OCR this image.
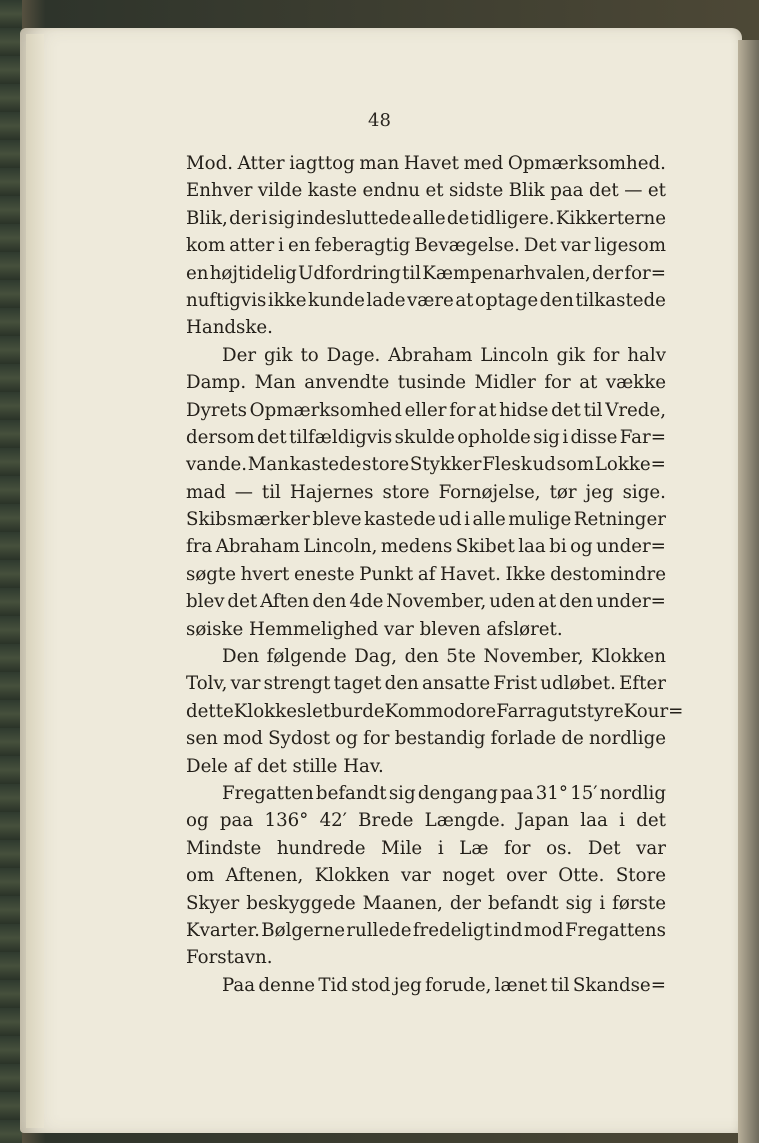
48
Mod. Atter iagttog man Havet med Opmærksomhed.
Enhver vilde kaste endnu et sidste Blik paa det — et
Blik, der i sig indesluttede alle de tidligere. Kikkerterne
kom atter i en feberagtig Bevægelse. Det var ligesom
en højtidelig Udfordring til Kæmpenarhvalen, der for=
nuftigvis ikke kunde lade være at optage den tilkastede
Handske.
Der gik to Dage. Abraham Lincoln gik for halv
Damp. Man anvendte tusinde Midler for at vække
Dyrets Opmærksomhed eller for at hidse det til Vrede,
dersom det tilfældigvis skulde opholde sig i disse Far=
vande. Man kastede store Stykker Flesk ud som Lokke=
mad — til Hajernes store Fornøjelse, tør jeg sige.
Skibsmærker bleve kastede ud i alle mulige Retninger
fra Abraham Lincoln, medens Skibet laa bi og under=
søgte hvert eneste Punkt af Havet. Ikke destomindre
blev det Aften den 4de November, uden at den under=
søiske Hemmelighed var bleven afsløret.
Den følgende Dag, den 5te November, Klokken
Tolv, var strengt taget den ansatte Frist udløbet. Efter
dette Klokkeslet burde Kommodore Farragut styre Kour=
sen mod Sydost og for bestandig forlade de nordlige
Dele af det stille Hav.
Fregatten befandt sig dengang paa 31° 15′ nordlig
og paa 136° 42′ Brede Længde. Japan laa i det
Mindste hundrede Mile i Læ for os. Det var
om Aftenen, Klokken var noget over Otte. Store
Skyer beskyggede Maanen, der befandt sig i første
Kvarter. Bølgerne rullede fredeligt ind mod Fregattens
Forstavn.
Paa denne Tid stod jeg forude, lænet til Skandse=
